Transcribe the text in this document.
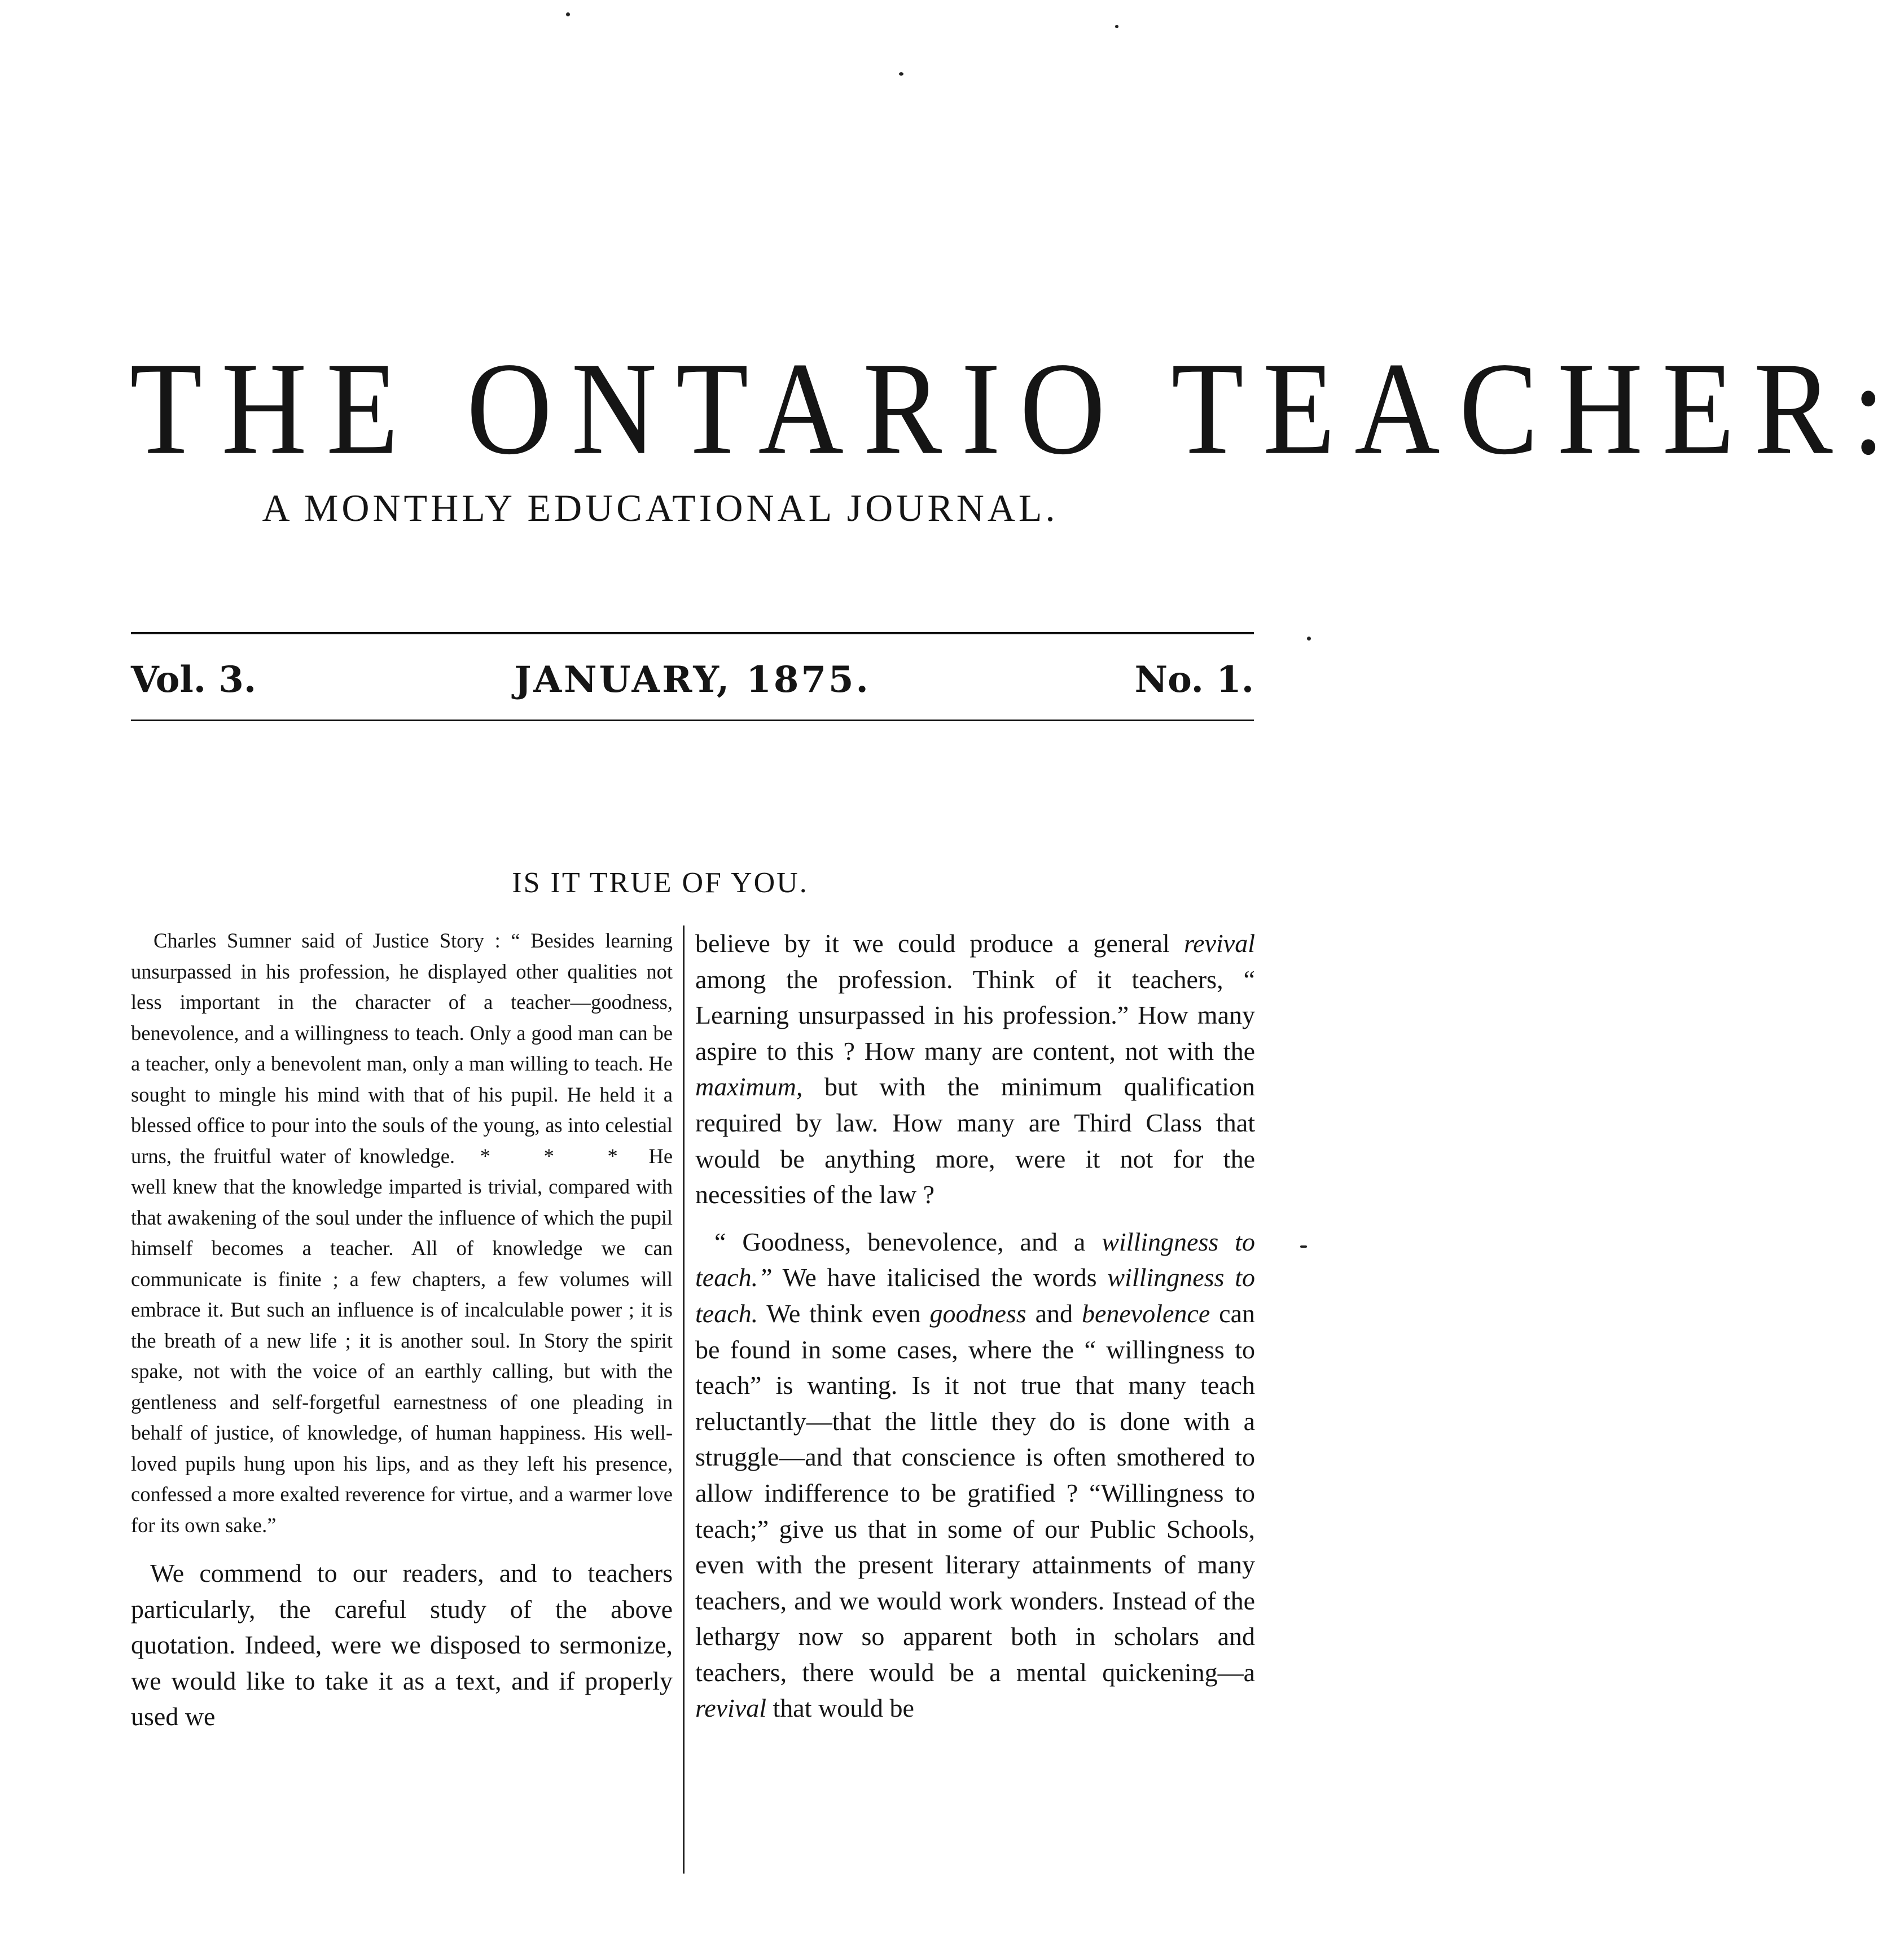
THE ONTARIO TEACHER:
A MONTHLY EDUCATIONAL JOURNAL.
Vol. 3.	JANUARY, 1875.	No. 1.
IS IT TRUE OF YOU.

Charles Sumner said of Justice Story : “ Besides learning unsurpassed in his profession, he displayed other qualities not less important in the character of a teacher—goodness, benevolence, and a willingness to teach. Only a good man can be a teacher, only a benevolent man, only a man willing to teach. He sought to mingle his mind with that of his pupil. He held it a blessed office to pour into the souls of the young, as into celestial urns, the fruitful water of knowledge. * * * He well knew that the knowledge imparted is trivial, compared with that awakening of the soul under the influence of which the pupil himself becomes a teacher. All of knowledge we can communicate is finite ; a few chapters, a few volumes will embrace it. But such an influence is of incalculable power ; it is the breath of a new life ; it is another soul. In Story the spirit spake, not with the voice of an earthly calling, but with the gentleness and self-forgetful earnestness of one pleading in behalf of justice, of knowledge, of human happiness. His well-loved pupils hung upon his lips, and as they left his presence, confessed a more exalted reverence for virtue, and a warmer love for its own sake.”

We commend to our readers, and to teachers particularly, the careful study of the above quotation. Indeed, were we disposed to sermonize, we would like to take it as a text, and if properly used we

believe by it we could produce a general revival among the profession. Think of it teachers, “ Learning unsurpassed in his profession.” How many aspire to this ? How many are content, not with the maximum, but with the minimum qualification required by law. How many are Third Class that would be anything more, were it not for the necessities of the law ?

“ Goodness, benevolence, and a willingness to teach.” We have italicised the words willingness to teach. We think even goodness and benevolence can be found in some cases, where the “ willingness to teach” is wanting. Is it not true that many teach reluctantly—that the little they do is done with a struggle—and that conscience is often smothered to allow indifference to be gratified ? “Willingness to teach;” give us that in some of our Public Schools, even with the present literary attainments of many teachers, and we would work wonders. Instead of the lethargy now so apparent both in scholars and teachers, there would be a mental quickening—a revival that would be
